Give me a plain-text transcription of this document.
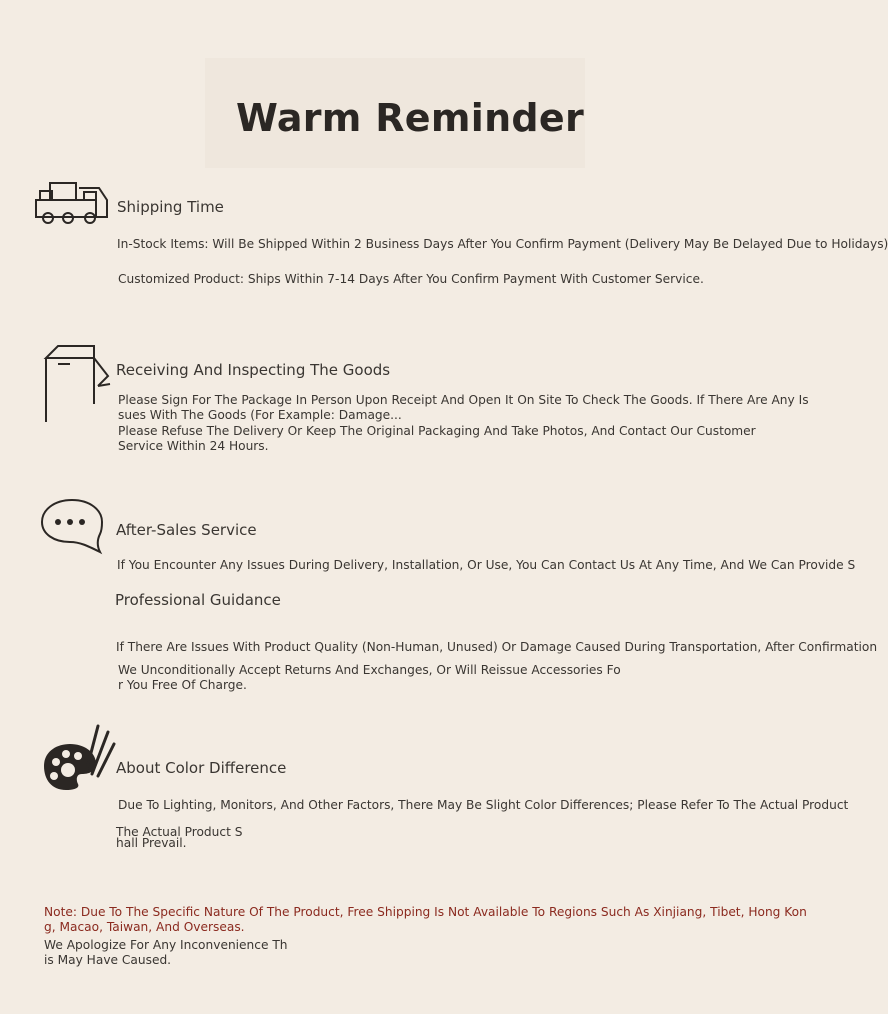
Warm Reminder
Shipping Time
In-Stock Items: Will Be Shipped Within 2 Business Days After You Confirm Payment (Delivery May Be Delayed Due to Holidays)
Customized Product: Ships Within 7-14 Days After You Confirm Payment With Customer Service.
Receiving And Inspecting The Goods
Please Sign For The Package In Person Upon Receipt And Open It On Site To Check The Goods. If There Are Any Is
sues With The Goods (For Example: Damage...
Please Refuse The Delivery Or Keep The Original Packaging And Take Photos, And Contact Our Customer
Service Within 24 Hours.
After-Sales Service
If You Encounter Any Issues During Delivery, Installation, Or Use, You Can Contact Us At Any Time, And We Can Provide S
Professional Guidance
If There Are Issues With Product Quality (Non-Human, Unused) Or Damage Caused During Transportation, After Confirmation
We Unconditionally Accept Returns And Exchanges, Or Will Reissue Accessories Fo
r You Free Of Charge.
About Color Difference
Due To Lighting, Monitors, And Other Factors, There May Be Slight Color Differences; Please Refer To The Actual Product
The Actual Product S
hall Prevail.
Note: Due To The Specific Nature Of The Product, Free Shipping Is Not Available To Regions Such As Xinjiang, Tibet, Hong Kon
g, Macao, Taiwan, And Overseas.
We Apologize For Any Inconvenience Th
is May Have Caused.
